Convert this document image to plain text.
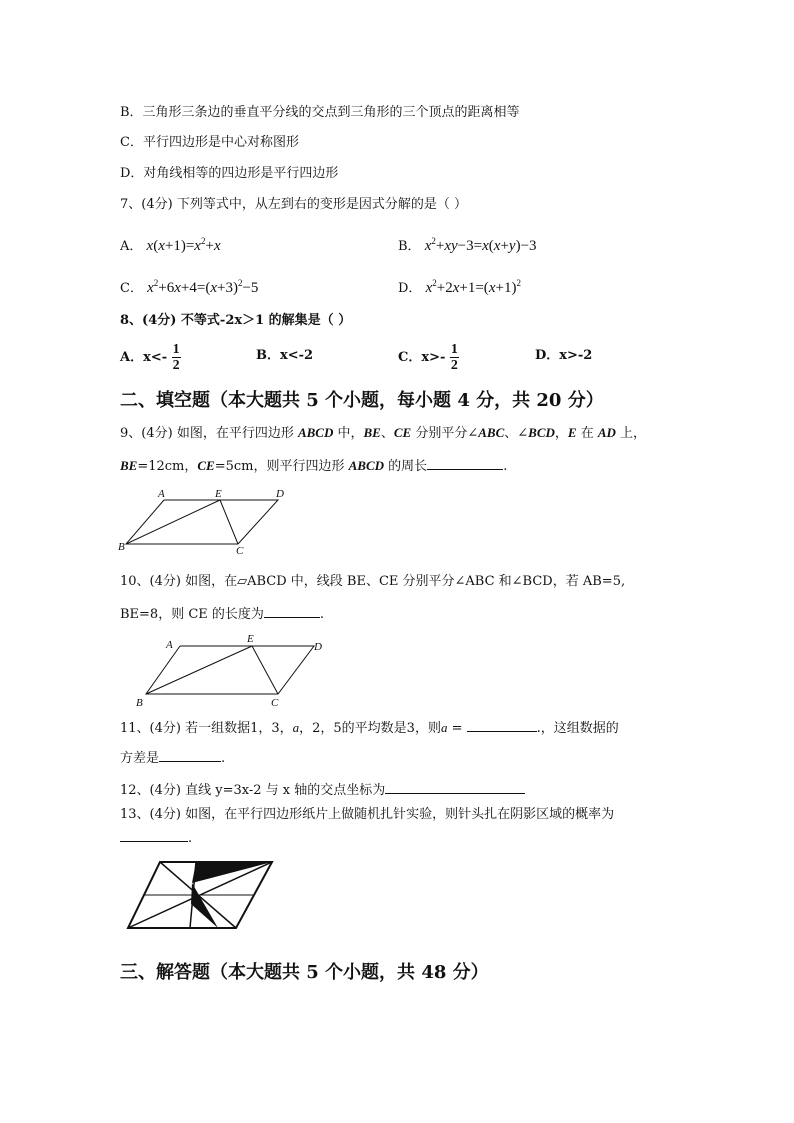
B．三角形三条边的垂直平分线的交点到三角形的三个顶点的距离相等
C．平行四边形是中心对称图形
D．对角线相等的四边形是平行四边形
7、(4分) 下列等式中，从左到右的变形是因式分解的是（ ）
A． $x(x+1)=x^2+x$	B． $x^2+xy-3=x(x+y)-3$
C． $x^2+6x+4=(x+3)^2-5$	D． $x^2+2x+1=(x+1)^2$
8、(4分) 不等式-2x＞1 的解集是（ ）
A．$x<- \frac{1}{2}$	B．x<-2	C．$x>- \frac{1}{2}$	D．x>-2
二、填空题（本大题共 5 个小题，每小题 4 分，共 20 分）
9、(4分) 如图，在平行四边形 ABCD 中，BE、CE 分别平分∠ABC、∠BCD，E 在 AD 上，
BE=12cm，CE=5cm，则平行四边形 ABCD 的周长	.
A	E	D
B	C
10、(4分) 如图，在▱ABCD 中，线段 BE、CE 分别平分∠ABC 和∠BCD，若 AB=5,
BE=8，则 CE 的长度为	.
A	E
D
B	C
11、(4分) 若一组数据1，3，a，2，5的平均数是3，则a =	.，这组数据的
方差是	.
12、(4分) 直线 y=3x-2 与 x 轴的交点坐标为
13、(4分) 如图，在平行四边形纸片上做随机扎针实验，则针头扎在阴影区域的概率为
.
三、解答题（本大题共 5 个小题，共 48 分）
